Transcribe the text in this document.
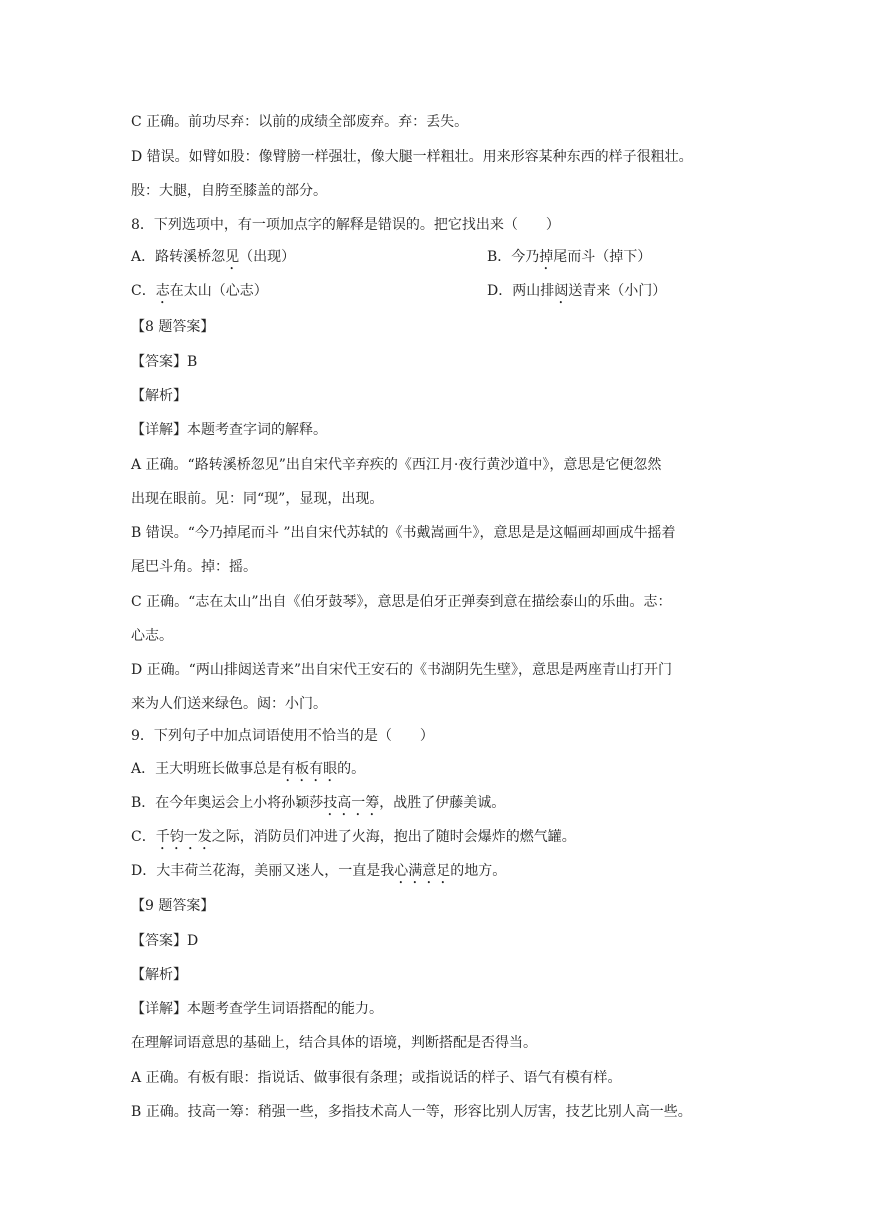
C 正确。前功尽弃：以前的成绩全部废弃。弃：丢失。
D 错误。如臂如股：像臂膀一样强壮，像大腿一样粗壮。用来形容某种东西的样子很粗壮。
股：大腿，自胯至膝盖的部分。
8．下列选项中，有一项加点字的解释是错误的。把它找出来（　　）
A．路转溪桥忽见（出现）	B．今乃掉尾而斗（掉下）
C．志在太山（心志）	D．两山排闼送青来（小门）
【8 题答案】
【答案】B
【解析】
【详解】本题考查字词的解释。
A 正确。“路转溪桥忽见”出自宋代辛弃疾的《西江月·夜行黄沙道中》，意思是它便忽然
出现在眼前。见：同“现”，显现，出现。
B 错误。“今乃掉尾而斗 ”出自宋代苏轼的《书戴嵩画牛》，意思是是这幅画却画成牛摇着
尾巴斗角。掉：摇。
C 正确。“志在太山”出自《伯牙鼓琴》，意思是伯牙正弹奏到意在描绘泰山的乐曲。志：
心志。
D 正确。“两山排闼送青来”出自宋代王安石的《书湖阴先生壁》，意思是两座青山打开门
来为人们送来绿色。闼：小门。
9．下列句子中加点词语使用不恰当的是（　　）
A．王大明班长做事总是有板有眼的。
B．在今年奥运会上小将孙颖莎技高一筹，战胜了伊藤美诚。
C．千钧一发之际，消防员们冲进了火海，抱出了随时会爆炸的燃气罐。
D．大丰荷兰花海，美丽又迷人，一直是我心满意足的地方。
【9 题答案】
【答案】D
【解析】
【详解】本题考查学生词语搭配的能力。
在理解词语意思的基础上，结合具体的语境，判断搭配是否得当。
A 正确。有板有眼：指说话、做事很有条理；或指说话的样子、语气有模有样。
B 正确。技高一筹：稍强一些，多指技术高人一等，形容比别人厉害，技艺比别人高一些。
